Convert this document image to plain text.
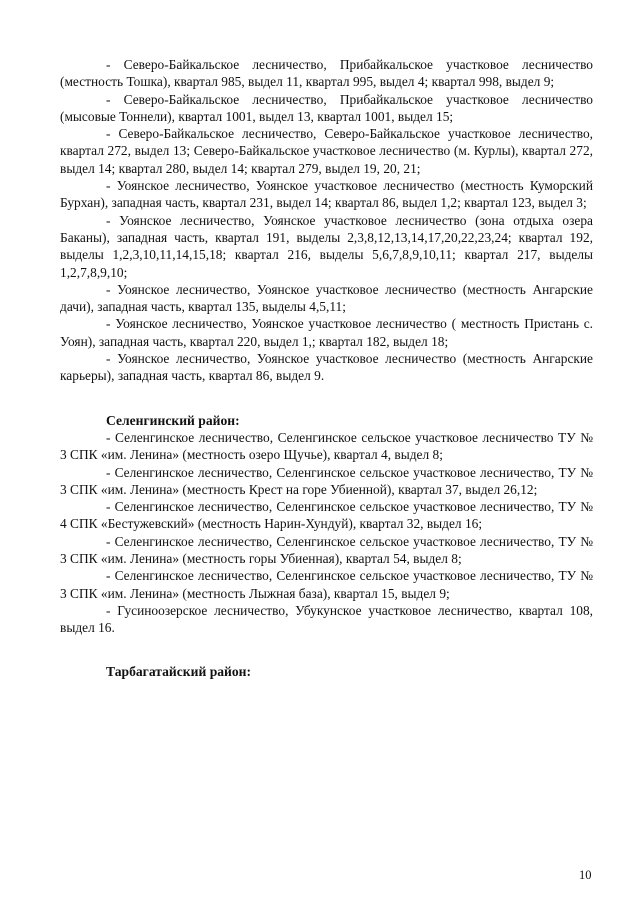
- Северо-Байкальское лесничество, Прибайкальское участковое лесничество (местность Тошка), квартал 985, выдел 11, квартал 995, выдел 4; квартал 998, выдел 9;

- Северо-Байкальское лесничество, Прибайкальское участковое лесничество (мысовые Тоннели), квартал 1001, выдел 13, квартал 1001, выдел 15;

- Северо-Байкальское лесничество, Северо-Байкальское участковое лесничество, квартал 272, выдел 13; Северо-Байкальское участковое лесничество (м. Курлы), квартал 272, выдел 14; квартал 280, выдел 14; квартал 279, выдел 19, 20, 21;

- Уоянское лесничество, Уоянское участковое лесничество (местность Куморский Бурхан), западная часть, квартал 231, выдел 14; квартал 86, выдел 1,2; квартал 123, выдел 3;

- Уоянское лесничество, Уоянское участковое лесничество (зона отдыха озера Баканы), западная часть, квартал 191, выделы 2,3,8,12,13,14,17,20,22,23,24; квартал 192, выделы 1,2,3,10,11,14,15,18; квартал 216, выделы 5,6,7,8,9,10,11; квартал 217, выделы 1,2,7,8,9,10;

- Уоянское лесничество, Уоянское участковое лесничество (местность Ангарские дачи), западная часть, квартал 135, выделы 4,5,11;

- Уоянское лесничество, Уоянское участковое лесничество ( местность Пристань с. Уоян), западная часть, квартал 220, выдел 1,; квартал 182, выдел 18;

- Уоянское лесничество, Уоянское участковое лесничество (местность Ангарские карьеры), западная часть, квартал 86, выдел 9.

Селенгинский район:

- Селенгинское лесничество, Селенгинское сельское участковое лесничество ТУ № 3 СПК «им. Ленина» (местность озеро Щучье), квартал 4, выдел 8;

- Селенгинское лесничество, Селенгинское сельское участковое лесничество, ТУ № 3 СПК «им. Ленина» (местность Крест на горе Убиенной), квартал 37, выдел 26,12;

- Селенгинское лесничество, Селенгинское сельское участковое лесничество, ТУ № 4 СПК «Бестужевский» (местность Нарин-Хундуй), квартал 32, выдел 16;

- Селенгинское лесничество, Селенгинское сельское участковое лесничество, ТУ № 3 СПК «им. Ленина» (местность горы Убиенная), квартал 54, выдел 8;

- Селенгинское лесничество, Селенгинское сельское участковое лесничество, ТУ № 3 СПК «им. Ленина» (местность Лыжная база), квартал 15, выдел 9;

- Гусиноозерское лесничество, Убукунское участковое лесничество, квартал 108, выдел 16.

Тарбагатайский район:

10
